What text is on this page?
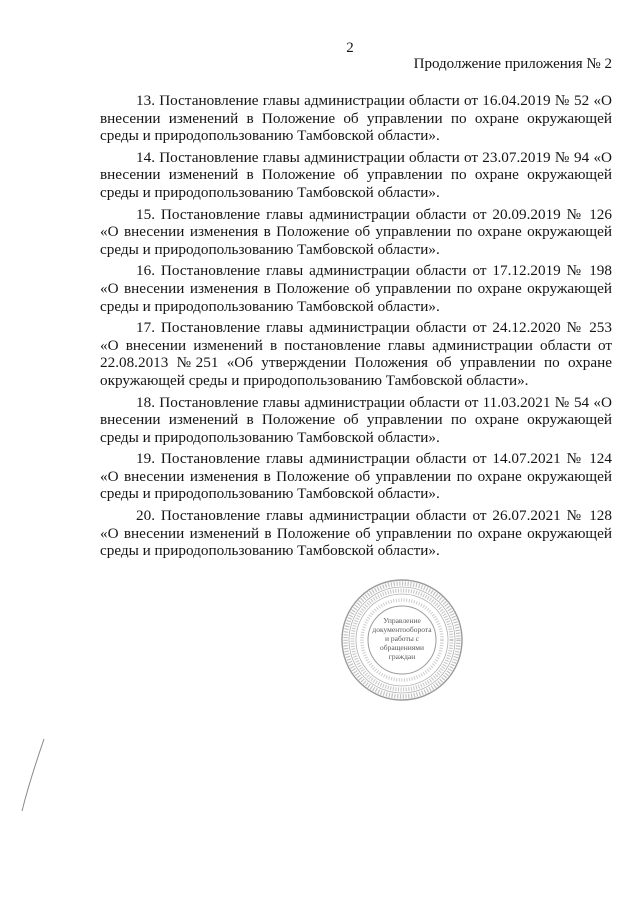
2
Продолжение приложения № 2

13. Постановление главы администрации области от 16.04.2019 № 52 «О внесении изменений в Положение об управлении по охране окружающей среды и природопользованию Тамбовской области».

14. Постановление главы администрации области от 23.07.2019 № 94 «О внесении изменений в Положение об управлении по охране окружающей среды и природопользованию Тамбовской области».

15. Постановление главы администрации области от 20.09.2019 № 126 «О внесении изменения в Положение об управлении по охране окружающей среды и природопользованию Тамбовской области».

16. Постановление главы администрации области от 17.12.2019 № 198 «О внесении изменения в Положение об управлении по охране окружающей среды и природопользованию Тамбовской области».

17. Постановление главы администрации области от 24.12.2020 № 253 «О внесении изменений в постановление главы администрации области от 22.08.2013 №251 «Об утверждении Положения об управлении по охране окружающей среды и природопользованию Тамбовской области».

18. Постановление главы администрации области от 11.03.2021 № 54 «О внесении изменений в Положение об управлении по охране окружающей среды и природопользованию Тамбовской области».

19. Постановление главы администрации области от 14.07.2021 № 124 «О внесении изменения в Положение об управлении по охране окружающей среды и природопользованию Тамбовской области».

20. Постановление главы администрации области от 26.07.2021 № 128 «О внесении изменений в Положение об управлении по охране окружающей среды и природопользованию Тамбовской области».

Управление документооборота и работы с обращениями граждан
